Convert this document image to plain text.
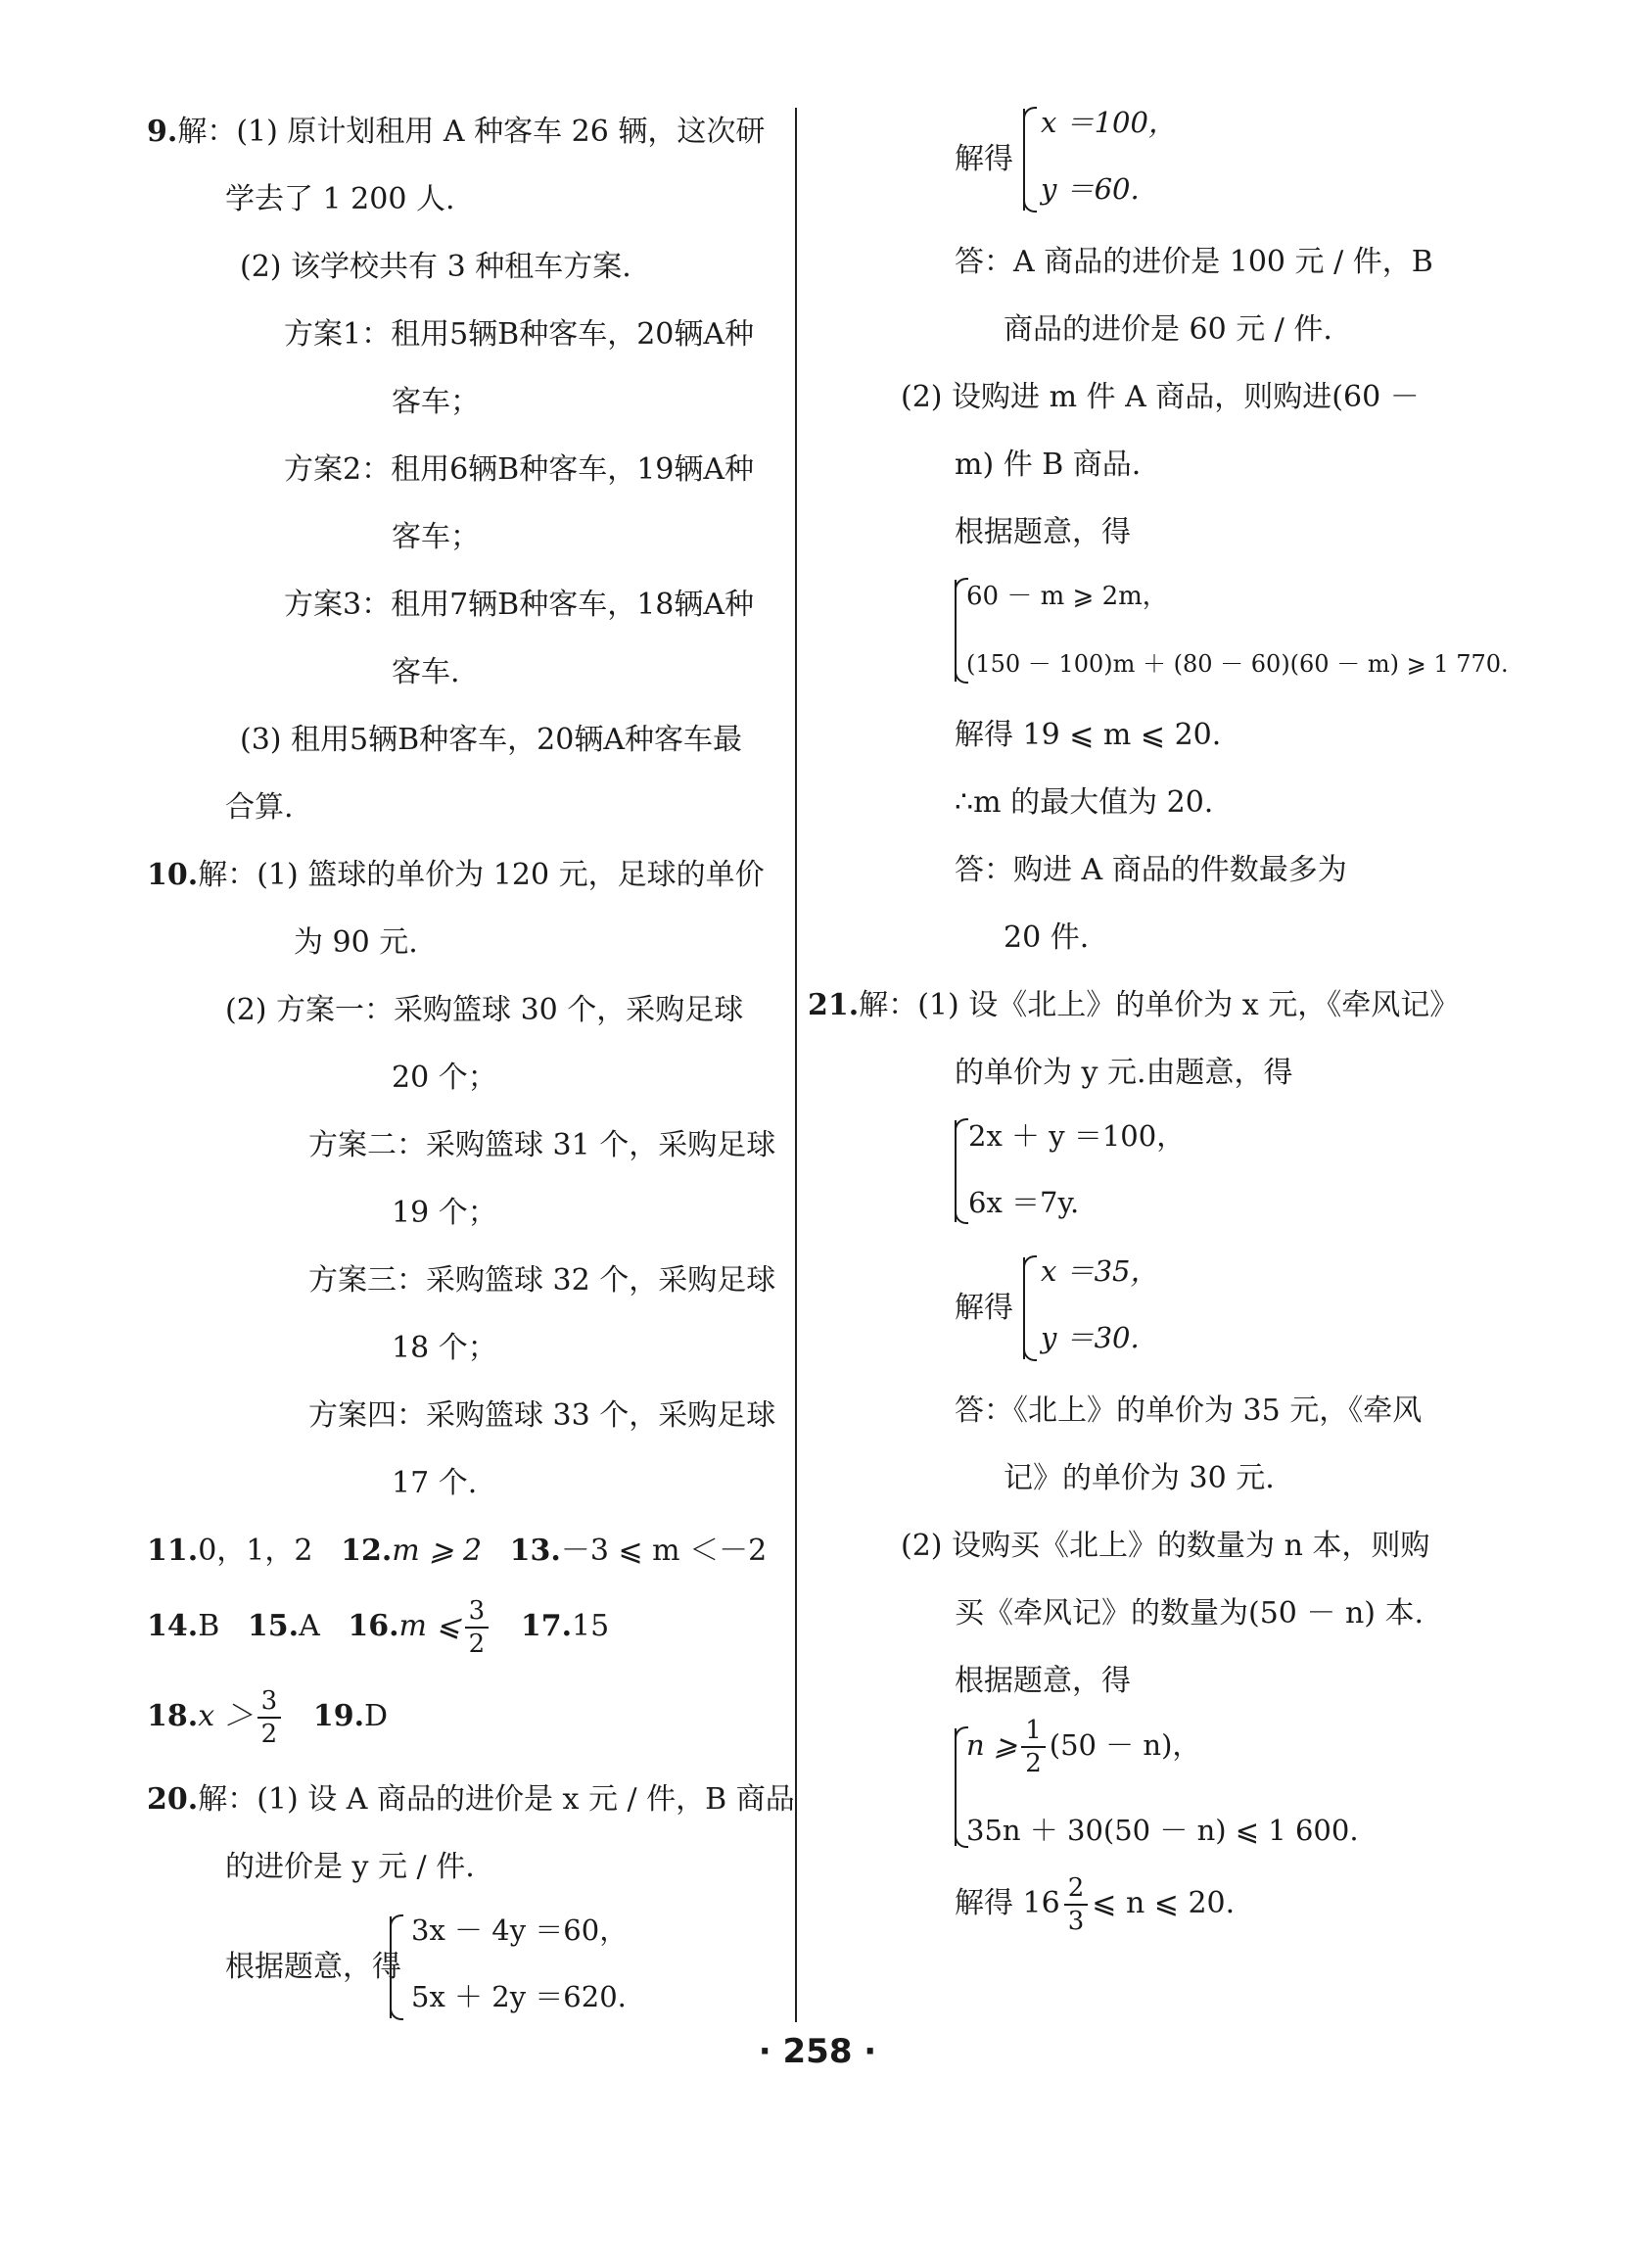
9.解：(1) 原计划租用 A 种客车 26 辆，这次研
学去了 1 200 人.
(2) 该学校共有 3 种租车方案.
方案1：租用5辆B种客车，20辆A种
客车；
方案2：租用6辆B种客车，19辆A种
客车；
方案3：租用7辆B种客车，18辆A种
客车.
(3) 租用5辆B种客车，20辆A种客车最
合算.
10.解：(1) 篮球的单价为 120 元，足球的单价
为 90 元.
(2) 方案一：采购篮球 30 个，采购足球
20 个；
方案二：采购篮球 31 个，采购足球
19 个；
方案三：采购篮球 32 个，采购足球
18 个；
方案四：采购篮球 33 个，采购足球
17 个.
11.0，1，2 12.m ⩾ 2 13.－3 ⩽ m ＜－2
14.B 15.A 16.m ⩽ $\frac{3}{2} 17.15$
$18.x > \frac{3}{2} 19.D$
20.解：(1) 设 A 商品的进价是 x 元 / 件，B 商品
的进价是 y 元 / 件.
根据题意，得
3x － 4y ＝60，
5x ＋ 2y ＝620.
解得
x ＝100，
y ＝60.
答：A 商品的进价是 100 元 / 件，B
商品的进价是 60 元 / 件.
(2) 设购进 m 件 A 商品，则购进(60 －
m) 件 B 商品.
根据题意，得
60 － m ⩾ 2m，
(150 － 100)m ＋ (80 － 60)(60 － m) ⩾ 1 770.
解得 19 ⩽ m ⩽ 20.
∴m 的最大值为 20.
答：购进 A 商品的件数最多为
20 件.
21.解：(1) 设《北上》的单价为 x 元，《牵风记》
的单价为 y 元.由题意，得
2x ＋ y ＝100，
6x ＝7y.
解得
x ＝35，
y ＝30.
答：《北上》的单价为 35 元，《牵风
记》的单价为 30 元.
(2) 设购买《北上》的数量为 n 本，则购
买《牵风记》的数量为(50 － n) 本.
根据题意，得
n ⩾ $\frac{1}{2} (50 - n)$，
35n ＋ 30(50 － n) ⩽ 1 600.
解得 $16 \frac{2}{3}$ ⩽ n ⩽ 20.
· 258 ·
